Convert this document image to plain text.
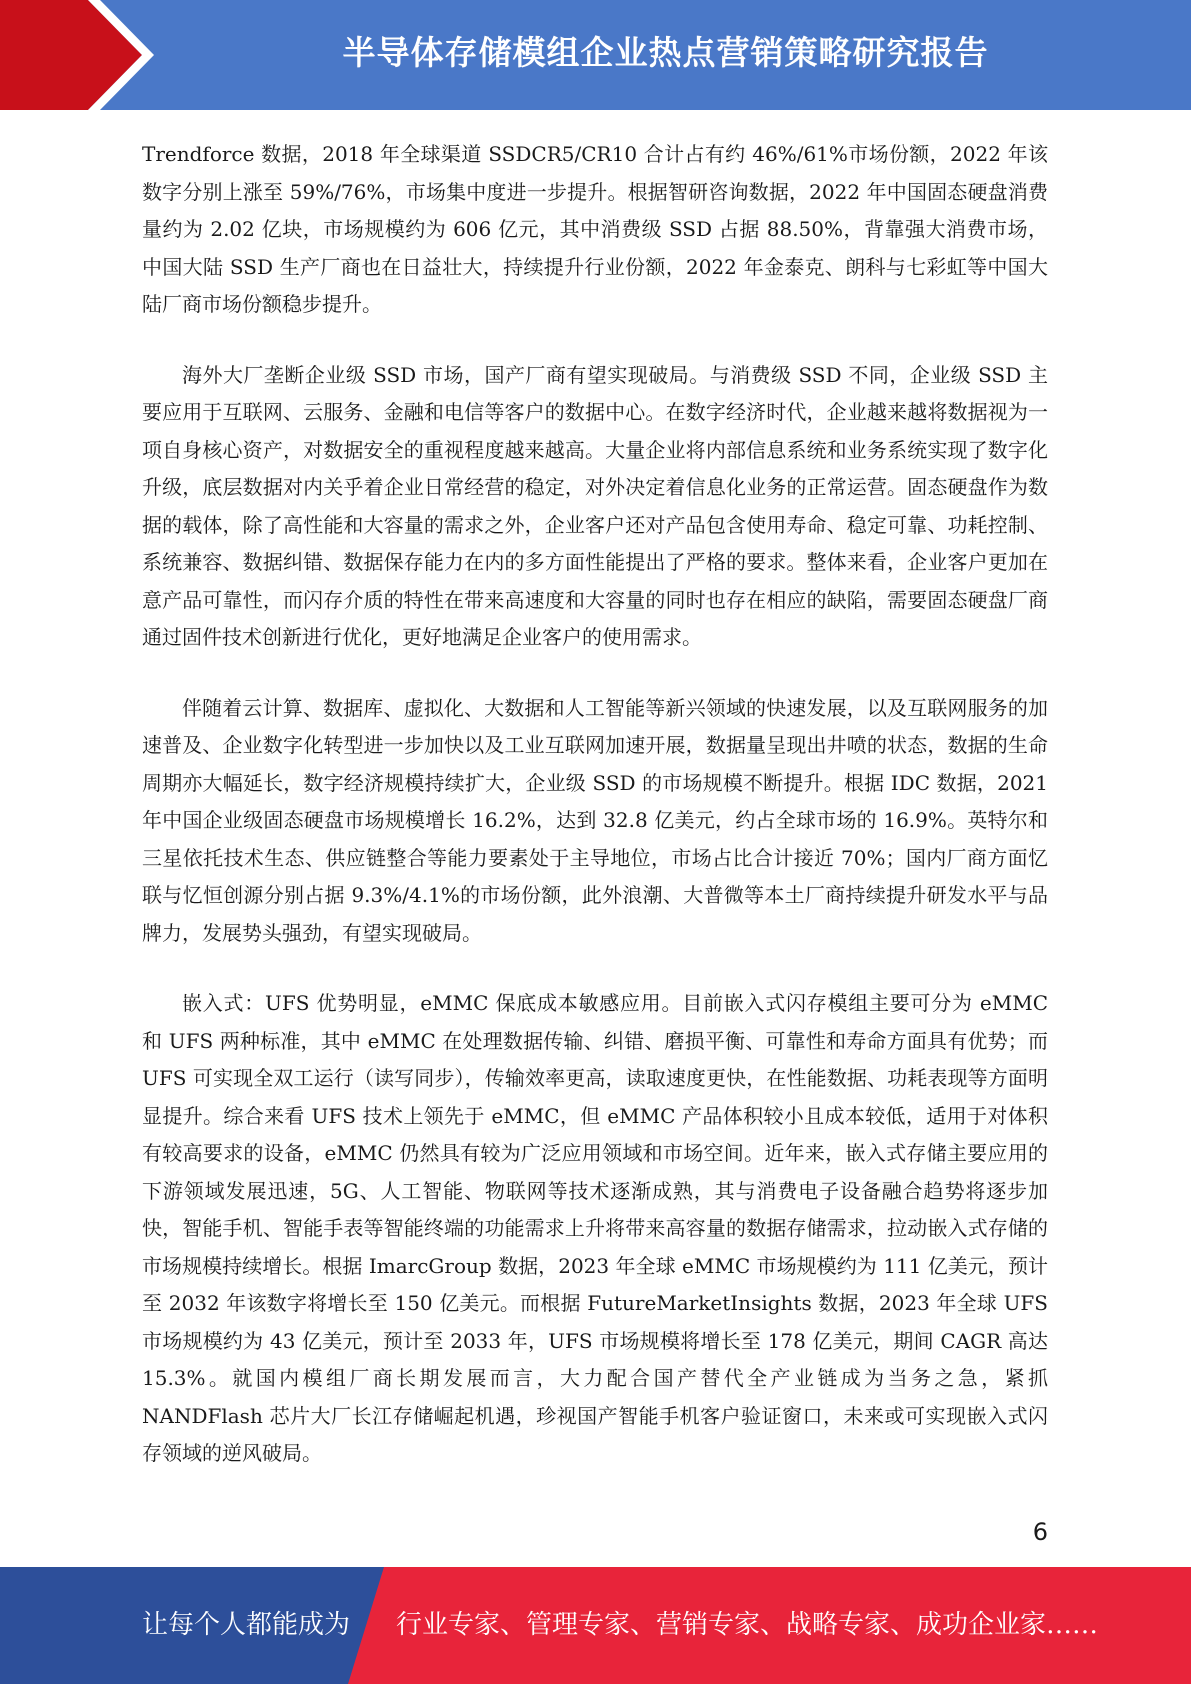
半导体存储模组企业热点营销策略研究报告

Trendforce 数据，2018 年全球渠道 SSDCR5/CR10 合计占有约 46%/61%市场份额，2022 年该数字分别上涨至 59%/76%，市场集中度进一步提升。根据智研咨询数据，2022 年中国固态硬盘消费量约为 2.02 亿块，市场规模约为 606 亿元，其中消费级 SSD 占据 88.50%，背靠强大消费市场，中国大陆 SSD 生产厂商也在日益壮大，持续提升行业份额，2022 年金泰克、朗科与七彩虹等中国大陆厂商市场份额稳步提升。

海外大厂垄断企业级 SSD 市场，国产厂商有望实现破局。与消费级 SSD 不同，企业级 SSD 主要应用于互联网、云服务、金融和电信等客户的数据中心。在数字经济时代，企业越来越将数据视为一项自身核心资产，对数据安全的重视程度越来越高。大量企业将内部信息系统和业务系统实现了数字化升级，底层数据对内关乎着企业日常经营的稳定，对外决定着信息化业务的正常运营。固态硬盘作为数据的载体，除了高性能和大容量的需求之外，企业客户还对产品包含使用寿命、稳定可靠、功耗控制、系统兼容、数据纠错、数据保存能力在内的多方面性能提出了严格的要求。整体来看，企业客户更加在意产品可靠性，而闪存介质的特性在带来高速度和大容量的同时也存在相应的缺陷，需要固态硬盘厂商通过固件技术创新进行优化，更好地满足企业客户的使用需求。

伴随着云计算、数据库、虚拟化、大数据和人工智能等新兴领域的快速发展，以及互联网服务的加速普及、企业数字化转型进一步加快以及工业互联网加速开展，数据量呈现出井喷的状态，数据的生命周期亦大幅延长，数字经济规模持续扩大，企业级 SSD 的市场规模不断提升。根据 IDC 数据，2021 年中国企业级固态硬盘市场规模增长 16.2%，达到 32.8 亿美元，约占全球市场的 16.9%。英特尔和三星依托技术生态、供应链整合等能力要素处于主导地位，市场占比合计接近 70%；国内厂商方面忆联与忆恒创源分别占据 9.3%/4.1%的市场份额，此外浪潮、大普微等本土厂商持续提升研发水平与品牌力，发展势头强劲，有望实现破局。

嵌入式：UFS 优势明显，eMMC 保底成本敏感应用。目前嵌入式闪存模组主要可分为 eMMC 和 UFS 两种标准，其中 eMMC 在处理数据传输、纠错、磨损平衡、可靠性和寿命方面具有优势；而 UFS 可实现全双工运行（读写同步），传输效率更高，读取速度更快，在性能数据、功耗表现等方面明显提升。综合来看 UFS 技术上领先于 eMMC，但 eMMC 产品体积较小且成本较低，适用于对体积有较高要求的设备，eMMC 仍然具有较为广泛应用领域和市场空间。近年来，嵌入式存储主要应用的下游领域发展迅速，5G、人工智能、物联网等技术逐渐成熟，其与消费电子设备融合趋势将逐步加快，智能手机、智能手表等智能终端的功能需求上升将带来高容量的数据存储需求，拉动嵌入式存储的市场规模持续增长。根据 ImarcGroup 数据，2023 年全球 eMMC 市场规模约为 111 亿美元，预计至 2032 年该数字将增长至 150 亿美元。而根据 FutureMarketInsights 数据，2023 年全球 UFS 市场规模约为 43 亿美元，预计至 2033 年，UFS 市场规模将增长至 178 亿美元，期间 CAGR 高达 15.3%。就国内模组厂商长期发展而言，大力配合国产替代全产业链成为当务之急，紧抓 NANDFlash 芯片大厂长江存储崛起机遇，珍视国产智能手机客户验证窗口，未来或可实现嵌入式闪存领域的逆风破局。

6
让每个人都能成为 行业专家、管理专家、营销专家、战略专家、成功企业家……
